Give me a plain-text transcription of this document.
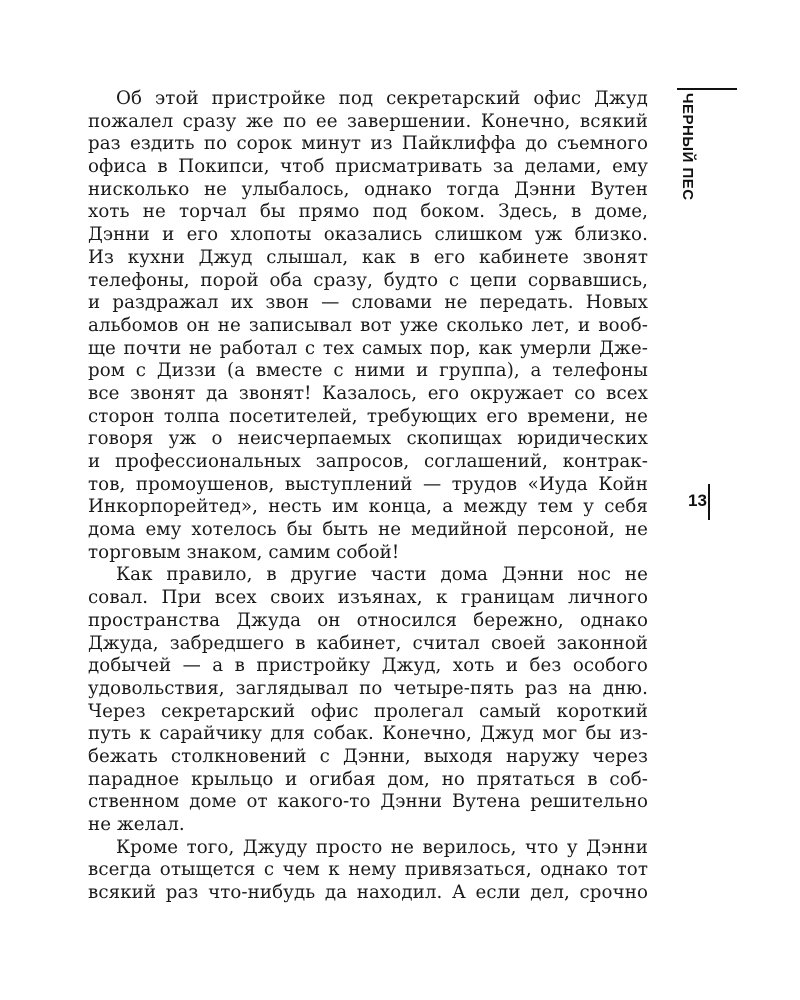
ЧЕРНЫЙ ПЕС
13
Об этой пристройке под секретарский офис Джуд
пожалел сразу же по ее завершении. Конечно, всякий
раз ездить по сорок минут из Пайклиффа до съемного
офиса в Покипси, чтоб присматривать за делами, ему
нисколько не улыбалось, однако тогда Дэнни Вутен
хоть не торчал бы прямо под боком. Здесь, в доме,
Дэнни и его хлопоты оказались слишком уж близко.
Из кухни Джуд слышал, как в его кабинете звонят
телефоны, порой оба сразу, будто с цепи сорвавшись,
и раздражал их звон — словами не передать. Новых
альбомов он не записывал вот уже сколько лет, и вооб-
ще почти не работал с тех самых пор, как умерли Дже-
ром с Диззи (а вместе с ними и группа), а телефоны
все звонят да звонят! Казалось, его окружает со всех
сторон толпа посетителей, требующих его времени, не
говоря уж о неисчерпаемых скопищах юридических
и профессиональных запросов, соглашений, контрак-
тов, промоушенов, выступлений — трудов «Иуда Койн
Инкорпорейтед», несть им конца, а между тем у себя
дома ему хотелось бы быть не медийной персоной, не
торговым знаком, самим собой!
Как правило, в другие части дома Дэнни нос не
совал. При всех своих изъянах, к границам личного
пространства Джуда он относился бережно, однако
Джуда, забредшего в кабинет, считал своей законной
добычей — а в пристройку Джуд, хоть и без особого
удовольствия, заглядывал по четыре-пять раз на дню.
Через секретарский офис пролегал самый короткий
путь к сарайчику для собак. Конечно, Джуд мог бы из-
бежать столкновений с Дэнни, выходя наружу через
парадное крыльцо и огибая дом, но прятаться в соб-
ственном доме от какого-то Дэнни Вутена решительно
не желал.
Кроме того, Джуду просто не верилось, что у Дэнни
всегда отыщется с чем к нему привязаться, однако тот
всякий раз что-нибудь да находил. А если дел, срочно
